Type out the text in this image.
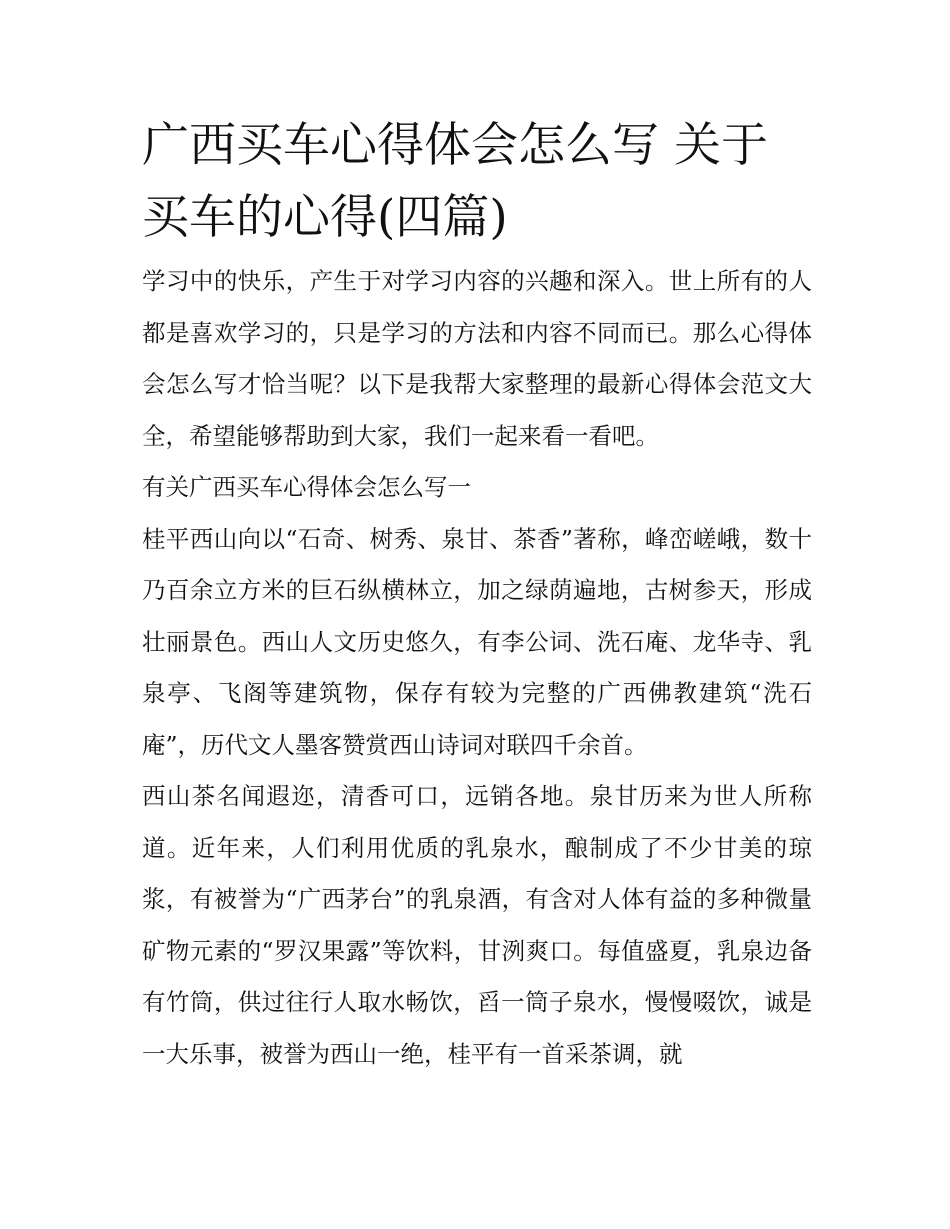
广西买车心得体会怎么写 关于买车的心得(四篇)

学习中的快乐，产生于对学习内容的兴趣和深入。世上所有的人都是喜欢学习的，只是学习的方法和内容不同而已。那么心得体会怎么写才恰当呢？以下是我帮大家整理的最新心得体会范文大全，希望能够帮助到大家，我们一起来看一看吧。

有关广西买车心得体会怎么写一

桂平西山向以“石奇、树秀、泉甘、茶香”著称，峰峦嵯峨，数十乃百余立方米的巨石纵横林立，加之绿荫遍地，古树参天，形成壮丽景色。西山人文历史悠久，有李公词、洗石庵、龙华寺、乳泉亭、飞阁等建筑物，保存有较为完整的广西佛教建筑“洗石庵”，历代文人墨客赞赏西山诗词对联四千余首。

西山茶名闻遐迩，清香可口，远销各地。泉甘历来为世人所称道。近年来，人们利用优质的乳泉水，酿制成了不少甘美的琼浆，有被誉为“广西茅台”的乳泉酒，有含对人体有益的多种微量矿物元素的“罗汉果露”等饮料，甘洌爽口。每值盛夏，乳泉边备有竹筒，供过往行人取水畅饮，舀一筒子泉水，慢慢啜饮，诚是一大乐事，被誉为西山一绝，桂平有一首采茶调，就
